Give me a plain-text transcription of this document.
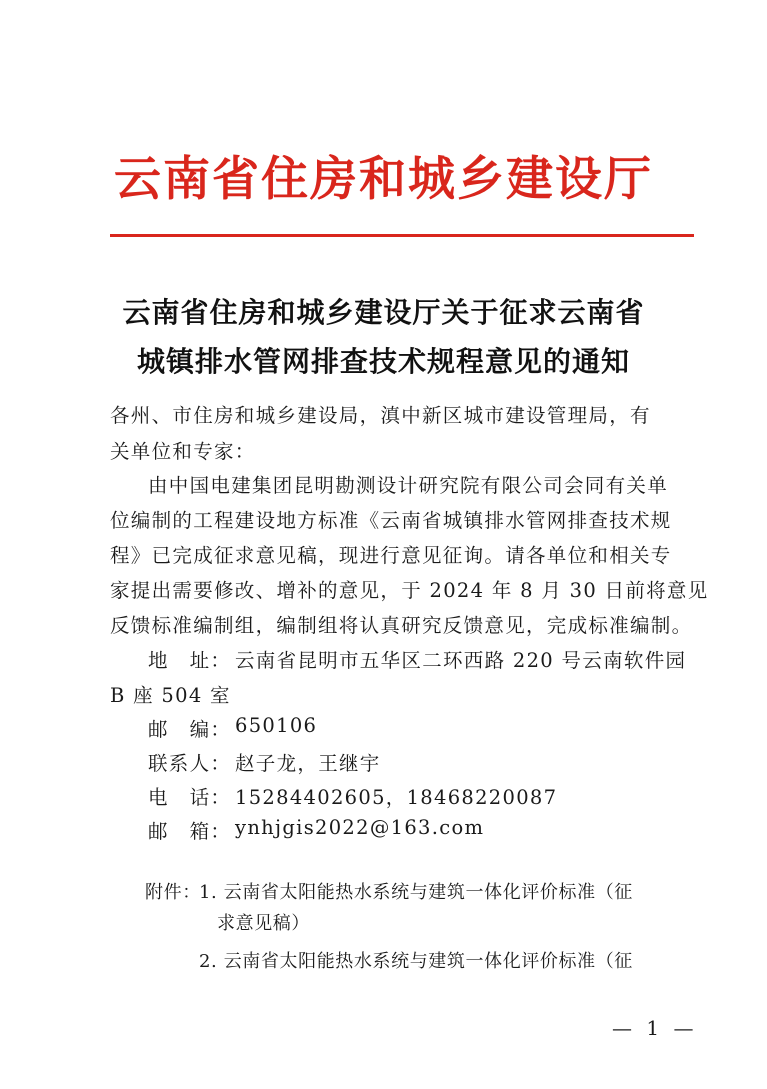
云南省住房和城乡建设厅
云南省住房和城乡建设厅关于征求云南省
城镇排水管网排查技术规程意见的通知
各州、市住房和城乡建设局，滇中新区城市建设管理局，有
关单位和专家：
由中国电建集团昆明勘测设计研究院有限公司会同有关单
位编制的工程建设地方标准《云南省城镇排水管网排查技术规
程》已完成征求意见稿，现进行意见征询。请各单位和相关专
家提出需要修改、增补的意见，于 2024 年 8 月 30 日前将意见
反馈标准编制组，编制组将认真研究反馈意见，完成标准编制。
地　址： 云南省昆明市五华区二环西路 220 号云南软件园
B 座 504 室
邮　编： 650106
联系人： 赵子龙，王继宇
电　话： 15284402605，18468220087
邮　箱： ynhjgis2022@163.com
附件：
1. 云南省太阳能热水系统与建筑一体化评价标准（征
求意见稿）
2. 云南省太阳能热水系统与建筑一体化评价标准（征
— 1 —
